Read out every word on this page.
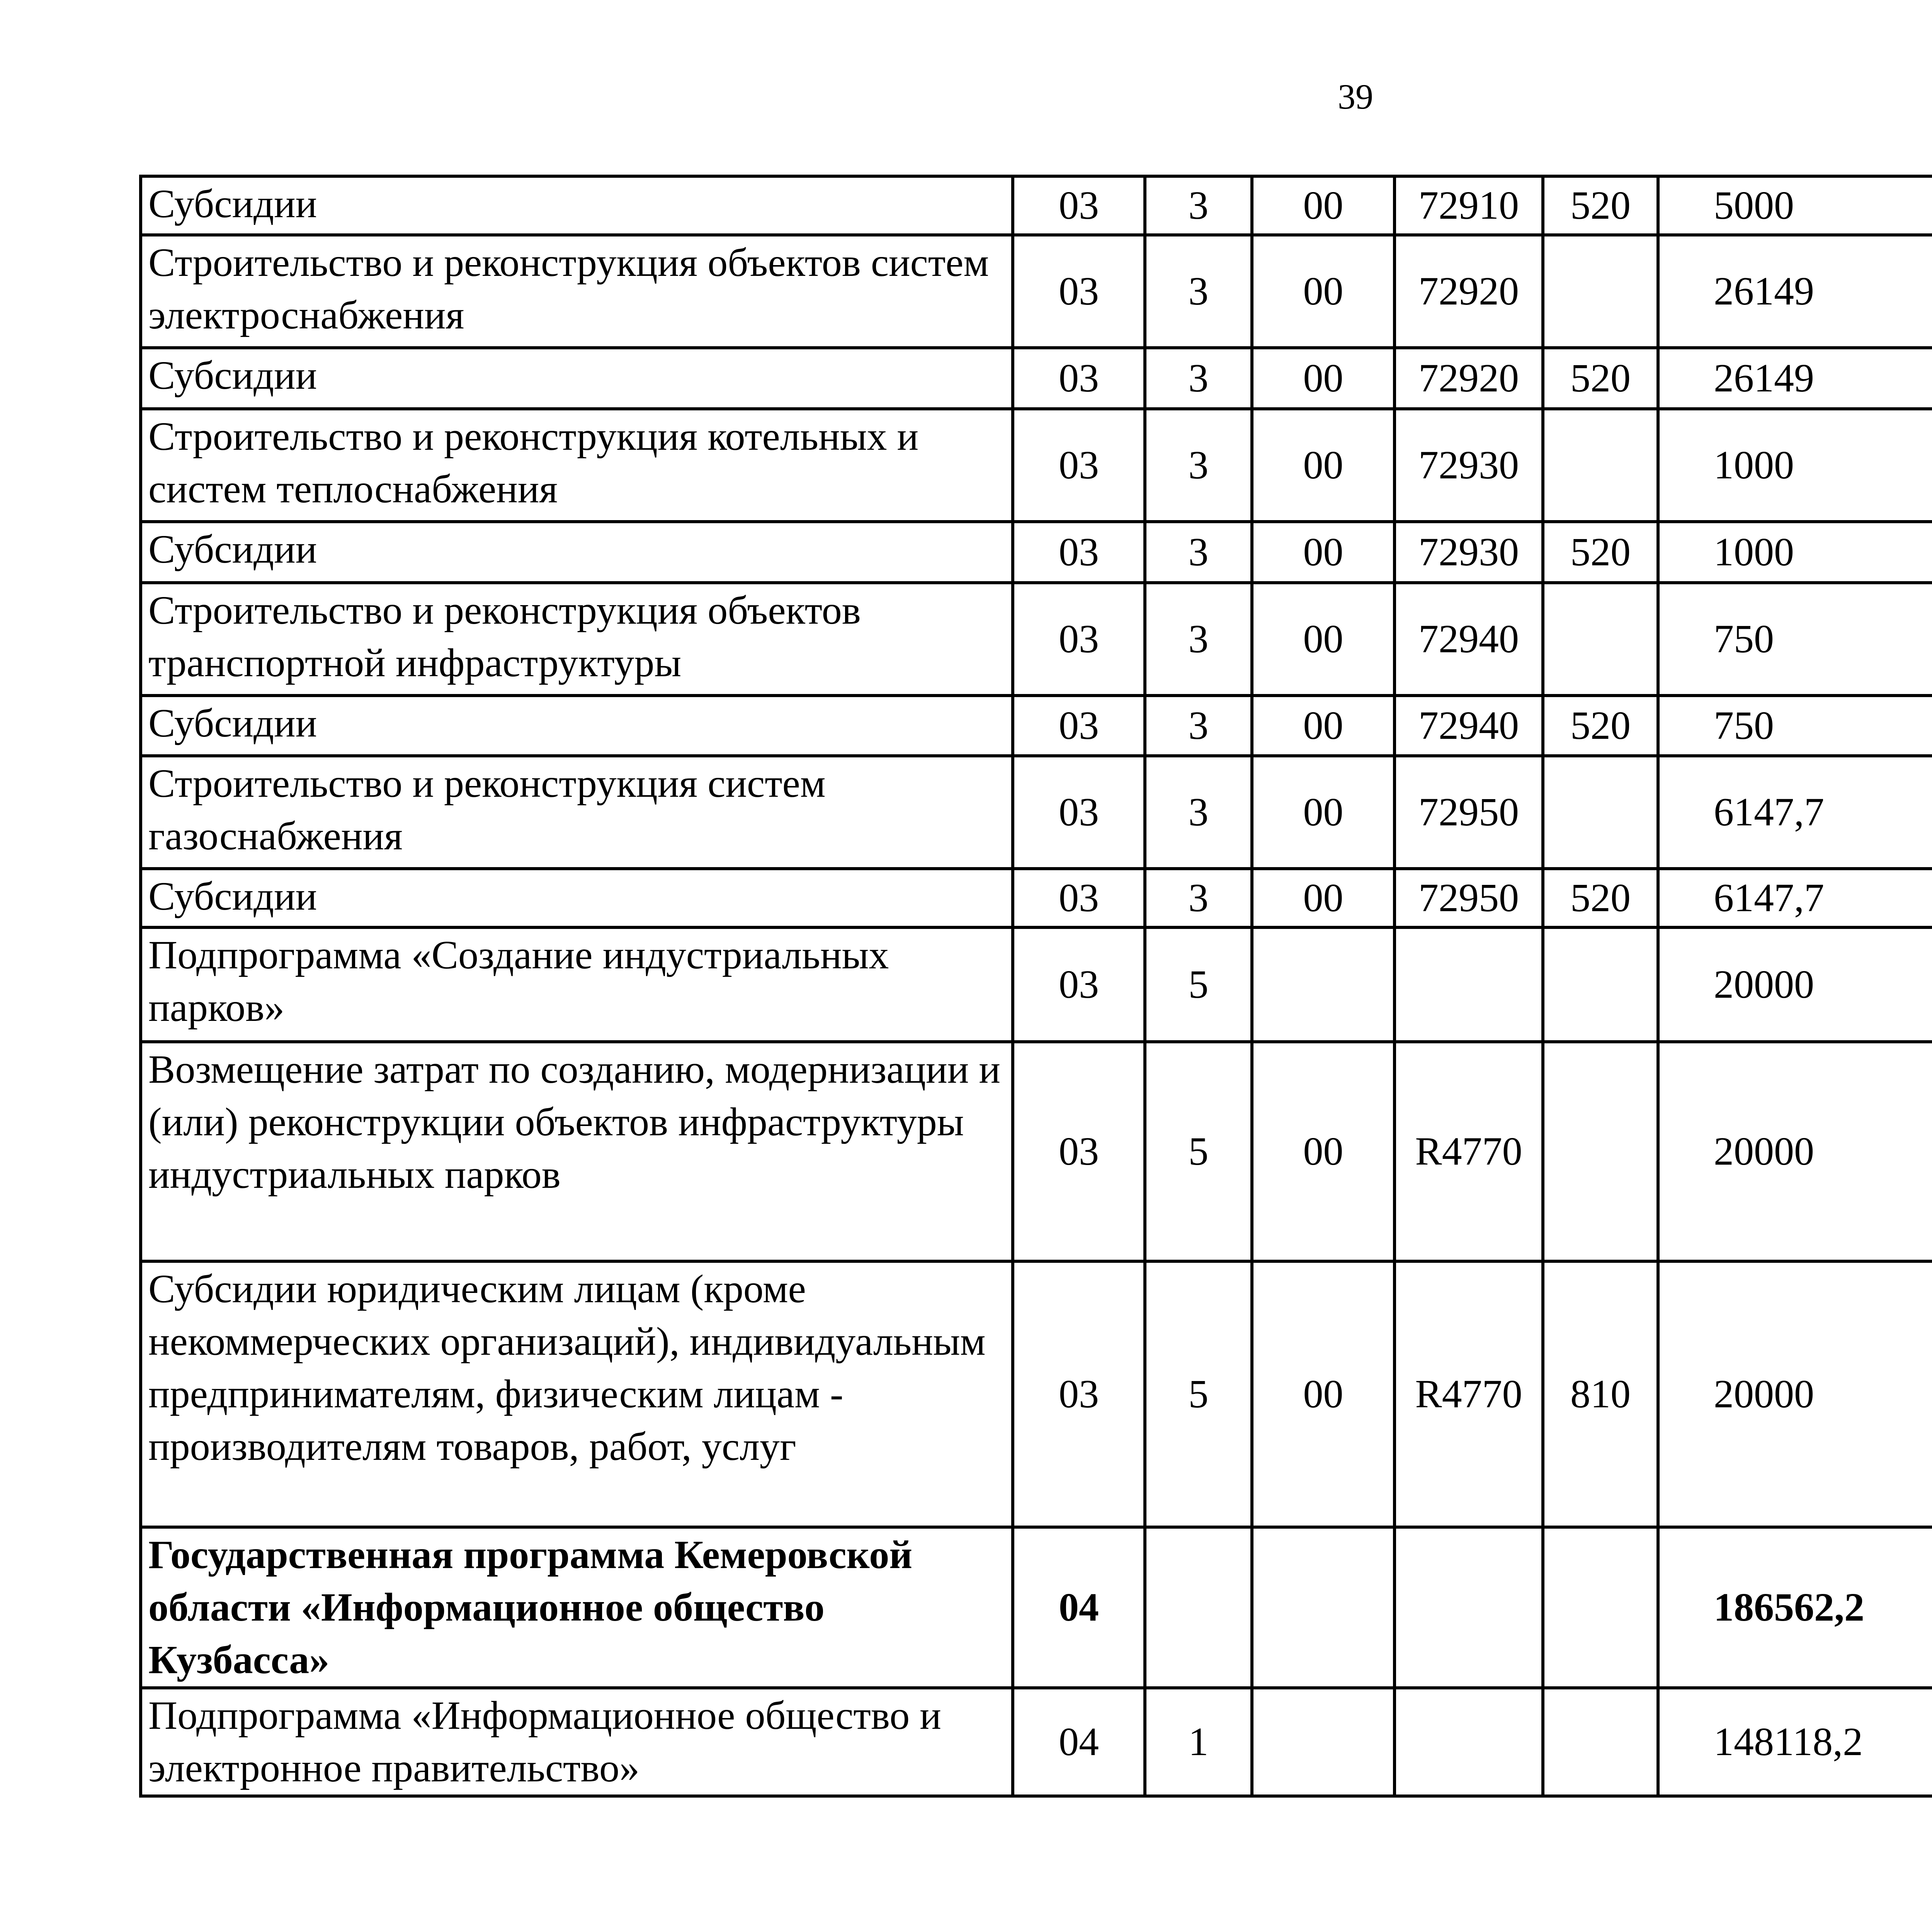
39
Субсидии	03	3	00	72910	520	5000		
Строительство и реконструкция объектов систем электроснабжения	03	3	00	72920		26149		
Субсидии	03	3	00	72920	520	26149		
Строительство и реконструкция котельных и систем теплоснабжения	03	3	00	72930		1000		
Субсидии	03	3	00	72930	520	1000		
Строительство и реконструкция объектов транспортной инфраструктуры	03	3	00	72940		750		
Субсидии	03	3	00	72940	520	750		
Строительство и реконструкция систем газоснабжения	03	3	00	72950		6147,7		
Субсидии	03	3	00	72950	520	6147,7		
Подпрограмма «Создание индустриальных парков»	03	5				20000		
Возмещение затрат по созданию, модернизации и (или) реконструкции объектов инфраструктуры индустриальных парков	03	5	00	R4770		20000		
Субсидии юридическим лицам (кроме некоммерческих организаций), индивидуальным предпринимателям, физическим лицам - производителям товаров, работ, услуг	03	5	00	R4770	810	20000		
Государственная программа Кемеровской области «Информационное общество Кузбасса»	04					186562,2		
Подпрограмма «Информационное общество и электронное правительство»	04	1				148118,2		
